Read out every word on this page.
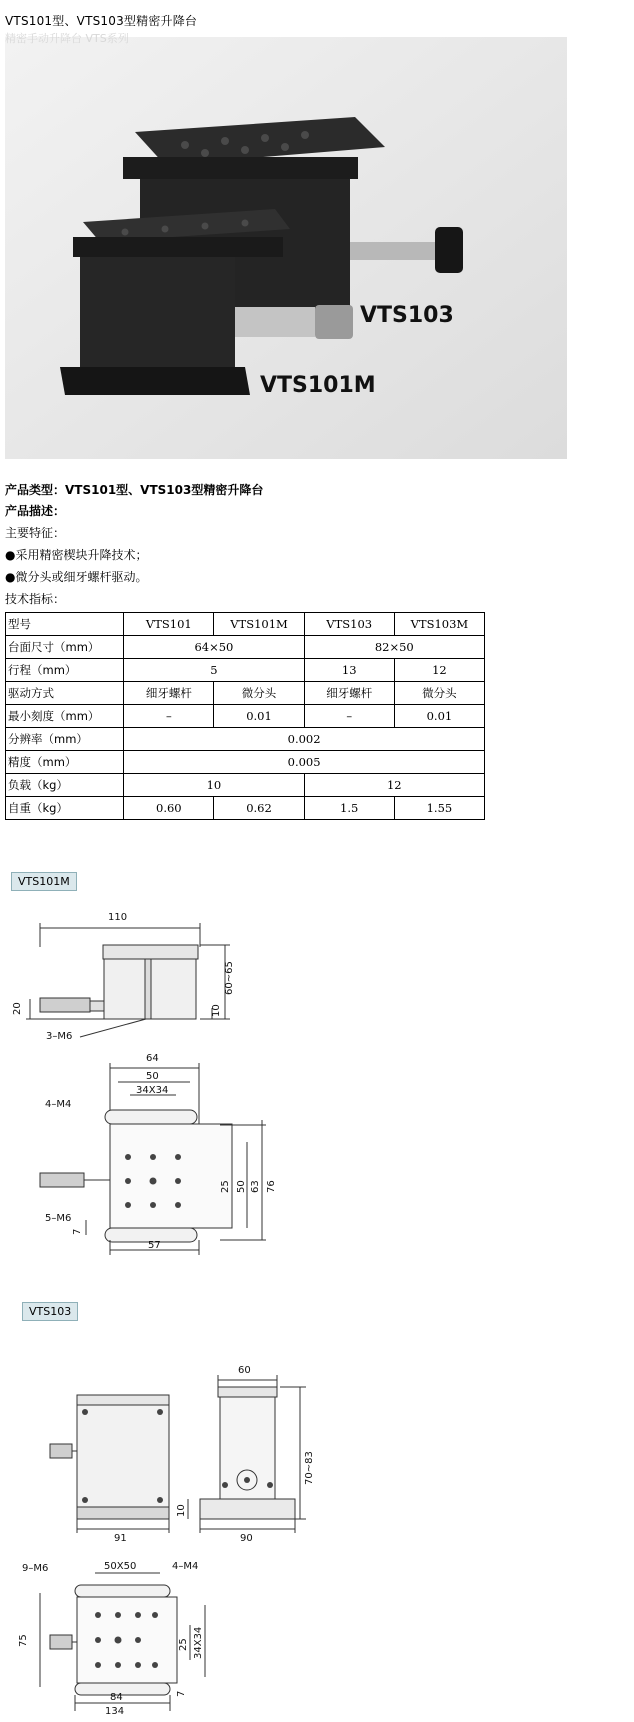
VTS101型、VTS103型精密升降台
VTS103
VTS101M
精密手动升降台 VTS系列
产品类型：VTS101型、VTS103型精密升降台
产品描述：
主要特征：
●采用精密楔块升降技术；
●微分头或细牙螺杆驱动。
技术指标：
型号	VTS101	VTS101M	VTS103	VTS103M
台面尺寸（mm）	64×50		82×50	
行程（mm）	5		13	12
驱动方式	细牙螺杆	微分头	细牙螺杆	微分头
最小刻度（mm）	–	0.01	–	0.01
分辨率（mm）	0.002			
精度（mm）	0.005			
负载（kg）	10		12	
自重（kg）	0.60	0.62	1.5	1.55
VTS101M
110
60~65
20	10
3–M6
64
50
34X34
4–M4
5–M6
25 50 63 76
7
57
VTS103
60
70~83
10
91	90
9–M6	50X50	4–M4
75	25 34X34
7
84
134
